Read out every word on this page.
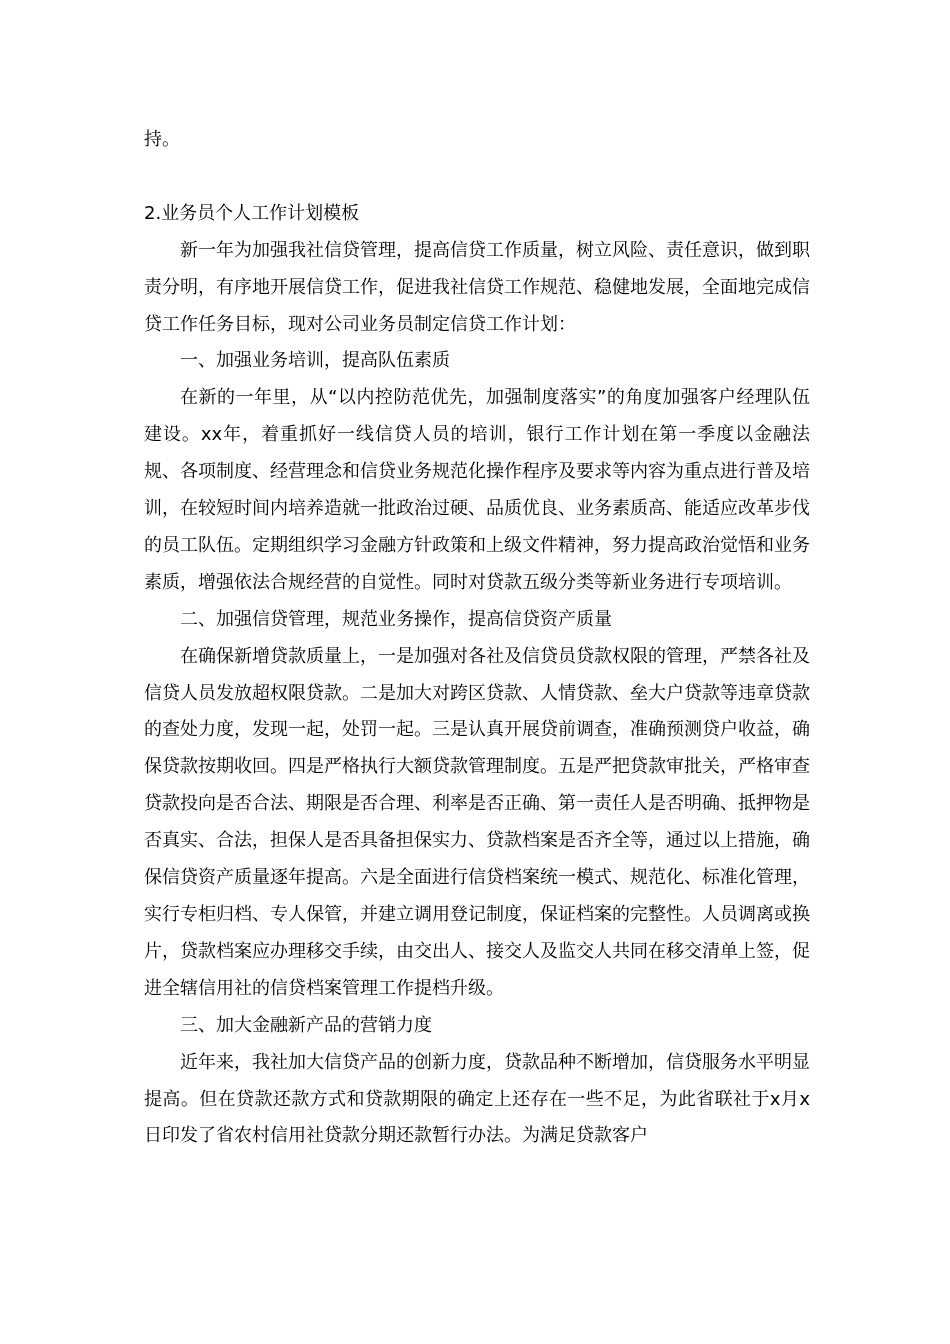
持。

2.业务员个人工作计划模板

新一年为加强我社信贷管理，提高信贷工作质量，树立风险、责任意识，做到职责分明，有序地开展信贷工作，促进我社信贷工作规范、稳健地发展，全面地完成信贷工作任务目标，现对公司业务员制定信贷工作计划：

一、加强业务培训，提高队伍素质

在新的一年里，从“以内控防范优先，加强制度落实”的角度加强客户经理队伍建设。xx年，着重抓好一线信贷人员的培训，银行工作计划在第一季度以金融法规、各项制度、经营理念和信贷业务规范化操作程序及要求等内容为重点进行普及培训，在较短时间内培养造就一批政治过硬、品质优良、业务素质高、能适应改革步伐的员工队伍。定期组织学习金融方针政策和上级文件精神，努力提高政治觉悟和业务素质，增强依法合规经营的自觉性。同时对贷款五级分类等新业务进行专项培训。

二、加强信贷管理，规范业务操作，提高信贷资产质量

在确保新增贷款质量上，一是加强对各社及信贷员贷款权限的管理，严禁各社及信贷人员发放超权限贷款。二是加大对跨区贷款、人情贷款、垒大户贷款等违章贷款的查处力度，发现一起，处罚一起。三是认真开展贷前调查，准确预测贷户收益，确保贷款按期收回。四是严格执行大额贷款管理制度。五是严把贷款审批关，严格审查贷款投向是否合法、期限是否合理、利率是否正确、第一责任人是否明确、抵押物是否真实、合法，担保人是否具备担保实力、贷款档案是否齐全等，通过以上措施，确保信贷资产质量逐年提高。六是全面进行信贷档案统一模式、规范化、标准化管理，实行专柜归档、专人保管，并建立调用登记制度，保证档案的完整性。人员调离或换片，贷款档案应办理移交手续，由交出人、接交人及监交人共同在移交清单上签，促进全辖信用社的信贷档案管理工作提档升级。

三、加大金融新产品的营销力度

近年来，我社加大信贷产品的创新力度，贷款品种不断增加，信贷服务水平明显提高。但在贷款还款方式和贷款期限的确定上还存在一些不足，为此省联社于x月x日印发了省农村信用社贷款分期还款暂行办法。为满足贷款客户
